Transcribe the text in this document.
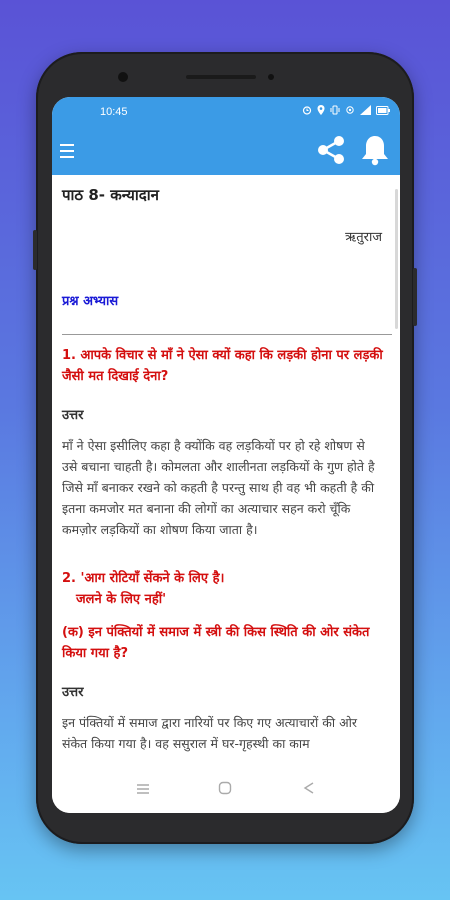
10:45
पाठ 8- कन्यादान
ऋतुराज
प्रश्न अभ्यास
1. आपके विचार से माँ ने ऐसा क्यों कहा कि लड़की होना पर लड़की जैसी मत दिखाई देना?
उत्तर
माँ ने ऐसा इसीलिए कहा है क्योंकि वह लड़कियों पर हो रहे शोषण से उसे बचाना चाहती है। कोमलता और शालीनता लड़कियों के गुण होते है जिसे माँ बनाकर रखने को कहती है परन्तु साथ ही वह भी कहती है की इतना कमजोर मत बनाना की लोगों का अत्याचार सहन करो चूँकि कमज़ोर लड़कियों का शोषण किया जाता है।
2. 'आग रोटियाँ सेंकने के लिए है।
जलने के लिए नहीं'
(क) इन पंक्तियों में समाज में स्त्री की किस स्थिति की ओर संकेत किया गया है?
उत्तर
इन पंक्तियों में समाज द्वारा नारियों पर किए गए अत्याचारों की ओर संकेत किया गया है। वह ससुराल में घर-गृहस्थी का काम
